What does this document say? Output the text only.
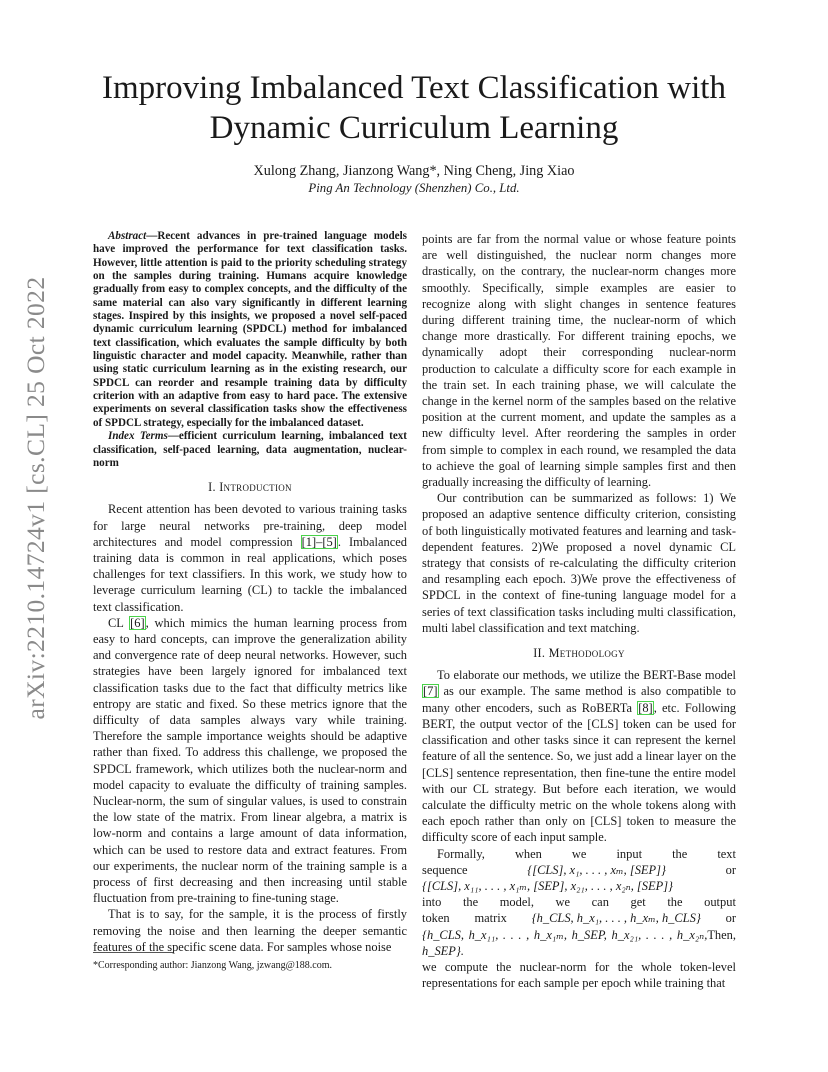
arXiv:2210.14724v1 [cs.CL] 25 Oct 2022
Improving Imbalanced Text Classification with
Dynamic Curriculum Learning
Xulong Zhang, Jianzong Wang*, Ning Cheng, Jing Xiao
Ping An Technology (Shenzhen) Co., Ltd.

Abstract—Recent advances in pre-trained language models have improved the performance for text classification tasks. However, little attention is paid to the priority scheduling strategy on the samples during training. Humans acquire knowledge gradually from easy to complex concepts, and the difficulty of the same material can also vary significantly in different learning stages. Inspired by this insights, we proposed a novel self-paced dynamic curriculum learning (SPDCL) method for imbalanced text classification, which evaluates the sample difficulty by both linguistic character and model capacity. Meanwhile, rather than using static curriculum learning as in the existing research, our SPDCL can reorder and resample training data by difficulty criterion with an adaptive from easy to hard pace. The extensive experiments on several classification tasks show the effectiveness of SPDCL strategy, especially for the imbalanced dataset.

Index Terms—efficient curriculum learning, imbalanced text classification, self-paced learning, data augmentation, nuclear-norm

I. Introduction

Recent attention has been devoted to various training tasks for large neural networks pre-training, deep model architectures and model compression [1]–[5]. Imbalanced training data is common in real applications, which poses challenges for text classifiers. In this work, we study how to leverage curriculum learning (CL) to tackle the imbalanced text classification.

CL [6], which mimics the human learning process from easy to hard concepts, can improve the generalization ability and convergence rate of deep neural networks. However, such strategies have been largely ignored for imbalanced text classification tasks due to the fact that difficulty metrics like entropy are static and fixed. So these metrics ignore that the difficulty of data samples always vary while training. Therefore the sample importance weights should be adaptive rather than fixed. To address this challenge, we proposed the SPDCL framework, which utilizes both the nuclear-norm and model capacity to evaluate the difficulty of training samples. Nuclear-norm, the sum of singular values, is used to constrain the low state of the matrix. From linear algebra, a matrix is low-norm and contains a large amount of data information, which can be used to restore data and extract features. From our experiments, the nuclear norm of the training sample is a process of first decreasing and then increasing until stable fluctuation from pre-training to fine-tuning stage.

That is to say, for the sample, it is the process of firstly removing the noise and then learning the deeper semantic features of the specific scene data. For samples whose noise

*Corresponding author: Jianzong Wang, jzwang@188.com.

points are far from the normal value or whose feature points are well distinguished, the nuclear norm changes more drastically, on the contrary, the nuclear-norm changes more smoothly. Specifically, simple examples are easier to recognize along with slight changes in sentence features during different training time, the nuclear-norm of which change more drastically. For different training epochs, we dynamically adopt their corresponding nuclear-norm production to calculate a difficulty score for each example in the train set. In each training phase, we will calculate the change in the kernel norm of the samples based on the relative position at the current moment, and update the samples as a new difficulty level. After reordering the samples in order from simple to complex in each round, we resampled the data to achieve the goal of learning simple samples first and then gradually increasing the difficulty of learning.

Our contribution can be summarized as follows: 1) We proposed an adaptive sentence difficulty criterion, consisting of both linguistically motivated features and learning and task-dependent features. 2)We proposed a novel dynamic CL strategy that consists of re-calculating the difficulty criterion and resampling each epoch. 3)We prove the effectiveness of SPDCL in the context of fine-tuning language model for a series of text classification tasks including multi classification, multi label classification and text matching.

II. Methodology

To elaborate our methods, we utilize the BERT-Base model [7] as our example. The same method is also compatible to many other encoders, such as RoBERTa [8], etc. Following BERT, the output vector of the [CLS] token can be used for classification and other tasks since it can represent the kernel feature of all the sentence. So, we just add a linear layer on the [CLS] sentence representation, then fine-tune the entire model with our CL strategy. But before each iteration, we would calculate the difficulty metric on the whole tokens along with each epoch rather than only on [CLS] token to measure the difficulty score of each input sample.

Formally, when we input the text
sequence	{[CLS], x₁, . . . , xₘ, [SEP]}	or
{[CLS], x₁₁, . . . , x₁ₘ, [SEP], x₂₁, . . . , x₂ₙ, [SEP]}
into the model, we can get the output
token matrix {h_CLS, h_x₁, . . . , h_xₘ, h_CLS} or
{h_CLS, h_x₁₁, . . . , h_x₁ₘ, h_SEP, h_x₂₁, . . . , h_x₂ₙ, h_SEP}.
Then,
we compute the nuclear-norm for the whole token-level representations for each sample per epoch while training that
